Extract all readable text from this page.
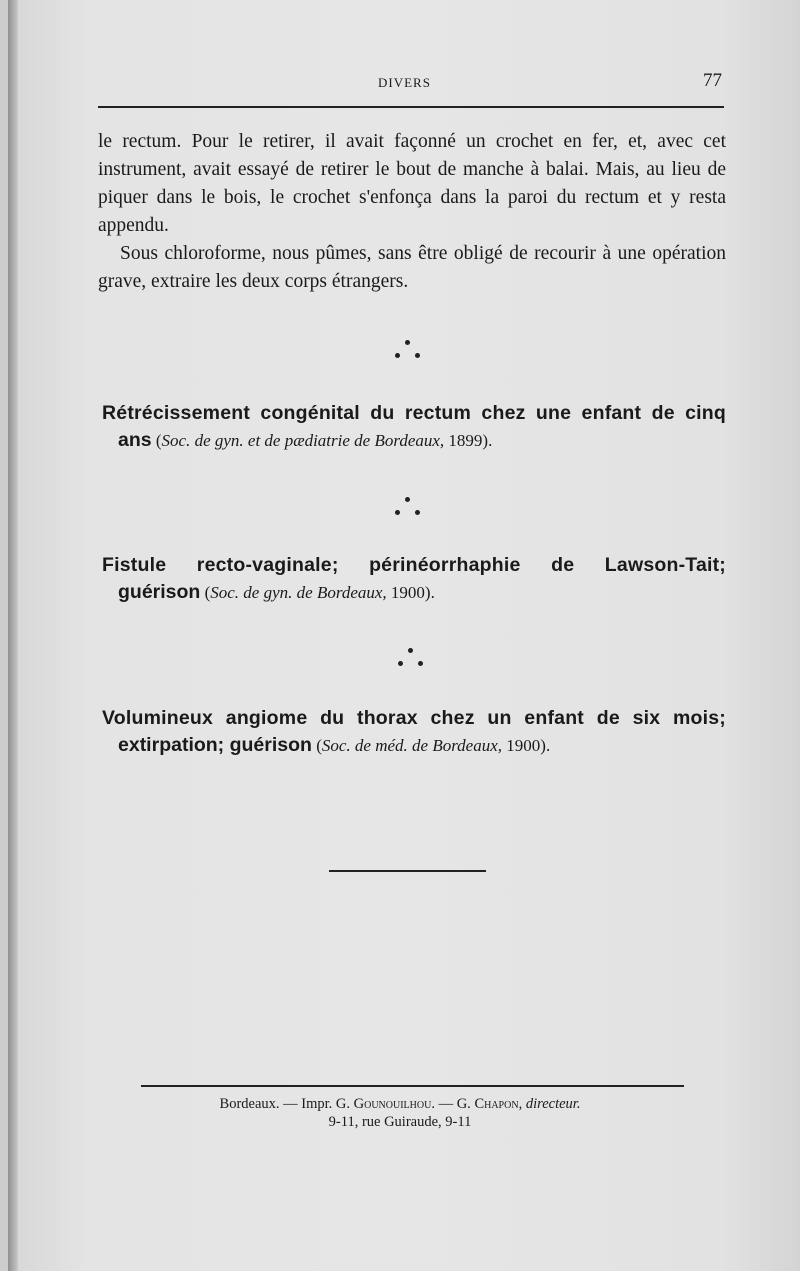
DIVERS	77

le rectum. Pour le retirer, il avait façonné un crochet en fer, et, avec cet instrument, avait essayé de retirer le bout de manche à balai. Mais, au lieu de piquer dans le bois, le crochet s'enfonça dans la paroi du rectum et y resta appendu.

Sous chloroforme, nous pûmes, sans être obligé de recourir à une opération grave, extraire les deux corps étrangers.

Rétrécissement congénital du rectum chez une enfant de cinq
ans (Soc. de gyn. et de pædiatrie de Bordeaux, 1899).
Fistule recto-vaginale; périnéorrhaphie de Lawson-Tait;
guérison (Soc. de gyn. de Bordeaux, 1900).
Volumineux angiome du thorax chez un enfant de six mois;
extirpation; guérison (Soc. de méd. de Bordeaux, 1900).
Bordeaux. — Impr. G. Gounouilhou. — G. Chapon, directeur.
9-11, rue Guiraude, 9-11
